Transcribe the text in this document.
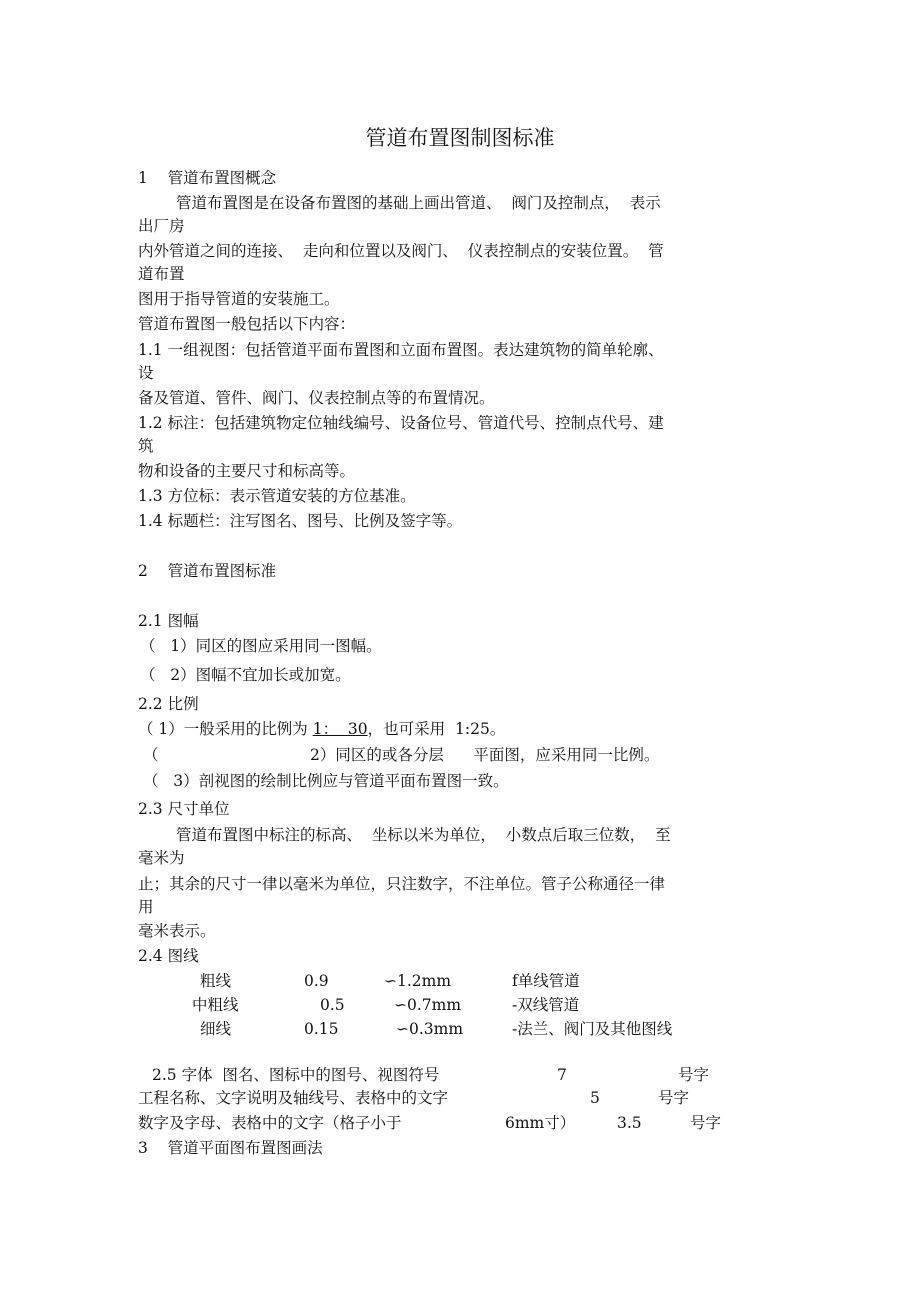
管道布置图制图标准
1    管道布置图概念
管道布置图是在设备布置图的基础上画出管道、  阀门及控制点，  表示
出厂房
内外管道之间的连接、  走向和位置以及阀门、  仪表控制点的安装位置。  管
道布置
图用于指导管道的安装施工。
管道布置图一般包括以下内容：
1.1 一组视图：包括管道平面布置图和立面布置图。表达建筑物的简单轮廓、
设
备及管道、管件、阀门、仪表控制点等的布置情况。
1.2 标注：包括建筑物定位轴线编号、设备位号、管道代号、控制点代号、建
筑
物和设备的主要尺寸和标高等。
1.3 方位标：表示管道安装的方位基准。
1.4 标题栏：注写图名、图号、比例及签字等。
2    管道布置图标准
2.1 图幅
（   1）同区的图应采用同一图幅。
（   2）图幅不宜加长或加宽。
2.2 比例
（ 1）一般采用的比例为 1：  30，也可采用  1:25。
（	2）同区的或各分层      平面图，应采用同一比例。
（   3）剖视图的绘制比例应与管道平面布置图一致。
2.3 尺寸单位
管道布置图中标注的标高、  坐标以米为单位，  小数点后取三位数，  至
毫米为
止；其余的尺寸一律以毫米为单位，只注数字，不注单位。管子公称通径一律
用
毫米表示。
2.4 图线
粗线	0.9	∽1.2mm	f单线管道
中粗线	0.5	∽0.7mm	-双线管道
细线	0.15	∽0.3mm	-法兰、阀门及其他图线
2.5 字体  图名、图标中的图号、视图符号	7	号字
工程名称、文字说明及轴线号、表格中的文字	5	号字
数字及字母、表格中的文字（格子小于	6mm寸）	3.5	号字
3    管道平面图布置图画法
